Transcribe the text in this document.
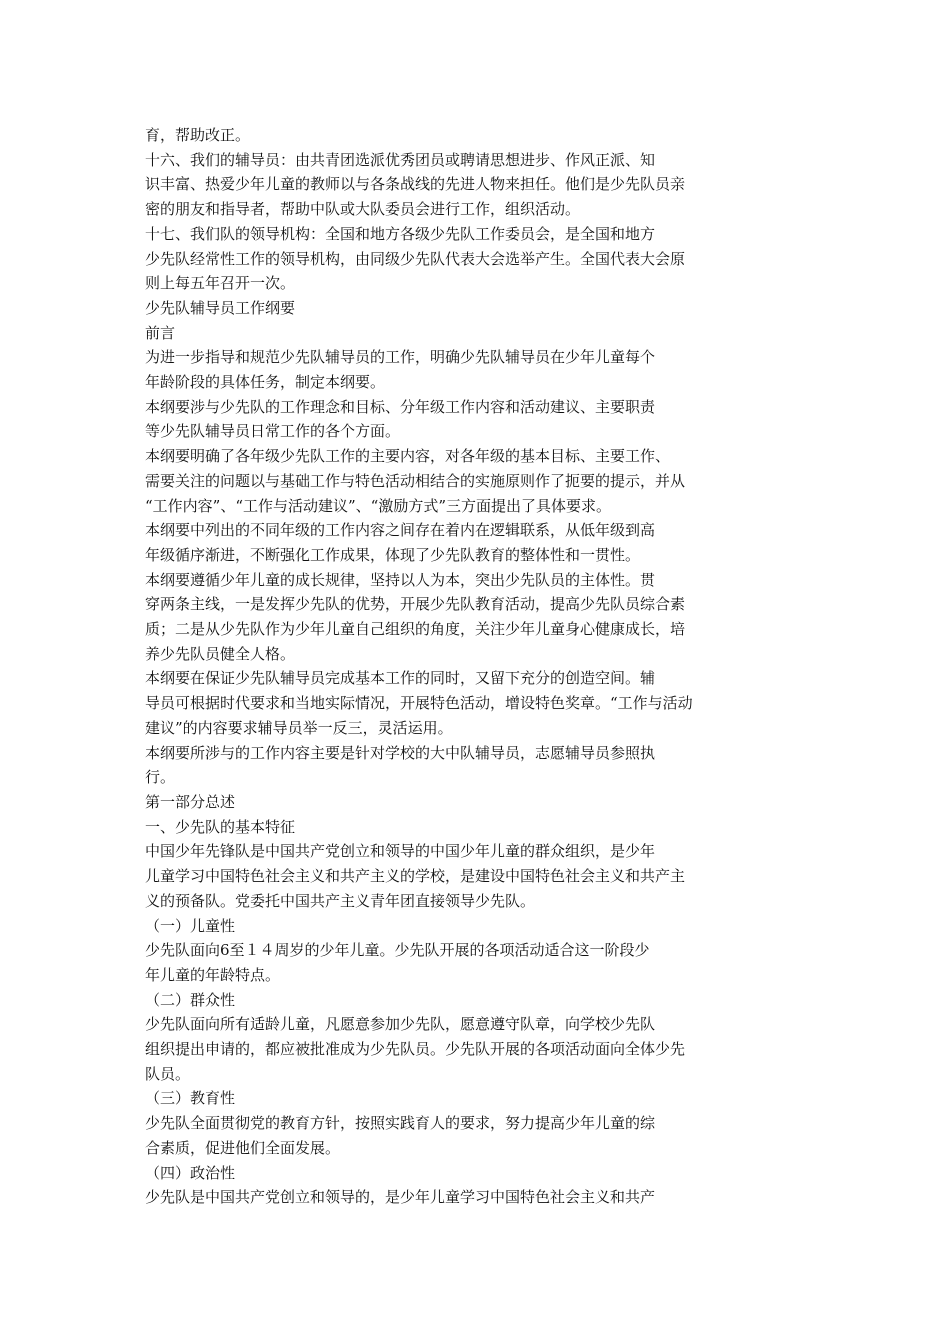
育，帮助改正。
十六、我们的辅导员：由共青团选派优秀团员或聘请思想进步、作风正派、知
识丰富、热爱少年儿童的教师以与各条战线的先进人物来担任。他们是少先队员亲
密的朋友和指导者，帮助中队或大队委员会进行工作，组织活动。
十七、我们队的领导机构：全国和地方各级少先队工作委员会，是全国和地方
少先队经常性工作的领导机构，由同级少先队代表大会选举产生。全国代表大会原
则上每五年召开一次。
少先队辅导员工作纲要
前言
为进一步指导和规范少先队辅导员的工作，明确少先队辅导员在少年儿童每个
年龄阶段的具体任务，制定本纲要。
本纲要涉与少先队的工作理念和目标、分年级工作内容和活动建议、主要职责
等少先队辅导员日常工作的各个方面。
本纲要明确了各年级少先队工作的主要内容，对各年级的基本目标、主要工作、
需要关注的问题以与基础工作与特色活动相结合的实施原则作了扼要的提示，并从
“工作内容”、“工作与活动建议”、“激励方式”三方面提出了具体要求。
本纲要中列出的不同年级的工作内容之间存在着内在逻辑联系，从低年级到高
年级循序渐进，不断强化工作成果，体现了少先队教育的整体性和一贯性。
本纲要遵循少年儿童的成长规律，坚持以人为本，突出少先队员的主体性。贯
穿两条主线，一是发挥少先队的优势，开展少先队教育活动，提高少先队员综合素
质；二是从少先队作为少年儿童自己组织的角度，关注少年儿童身心健康成长，培
养少先队员健全人格。
本纲要在保证少先队辅导员完成基本工作的同时，又留下充分的创造空间。辅
导员可根据时代要求和当地实际情况，开展特色活动，增设特色奖章。“工作与活动
建议”的内容要求辅导员举一反三，灵活运用。
本纲要所涉与的工作内容主要是针对学校的大中队辅导员，志愿辅导员参照执
行。
第一部分总述
一、少先队的基本特征
中国少年先锋队是中国共产党创立和领导的中国少年儿童的群众组织，是少年
儿童学习中国特色社会主义和共产主义的学校，是建设中国特色社会主义和共产主
义的预备队。党委托中国共产主义青年团直接领导少先队。
（一）儿童性
少先队面向6至１４周岁的少年儿童。少先队开展的各项活动适合这一阶段少
年儿童的年龄特点。
（二）群众性
少先队面向所有适龄儿童，凡愿意参加少先队，愿意遵守队章，向学校少先队
组织提出申请的，都应被批准成为少先队员。少先队开展的各项活动面向全体少先
队员。
（三）教育性
少先队全面贯彻党的教育方针，按照实践育人的要求，努力提高少年儿童的综
合素质，促进他们全面发展。
（四）政治性
少先队是中国共产党创立和领导的，是少年儿童学习中国特色社会主义和共产
